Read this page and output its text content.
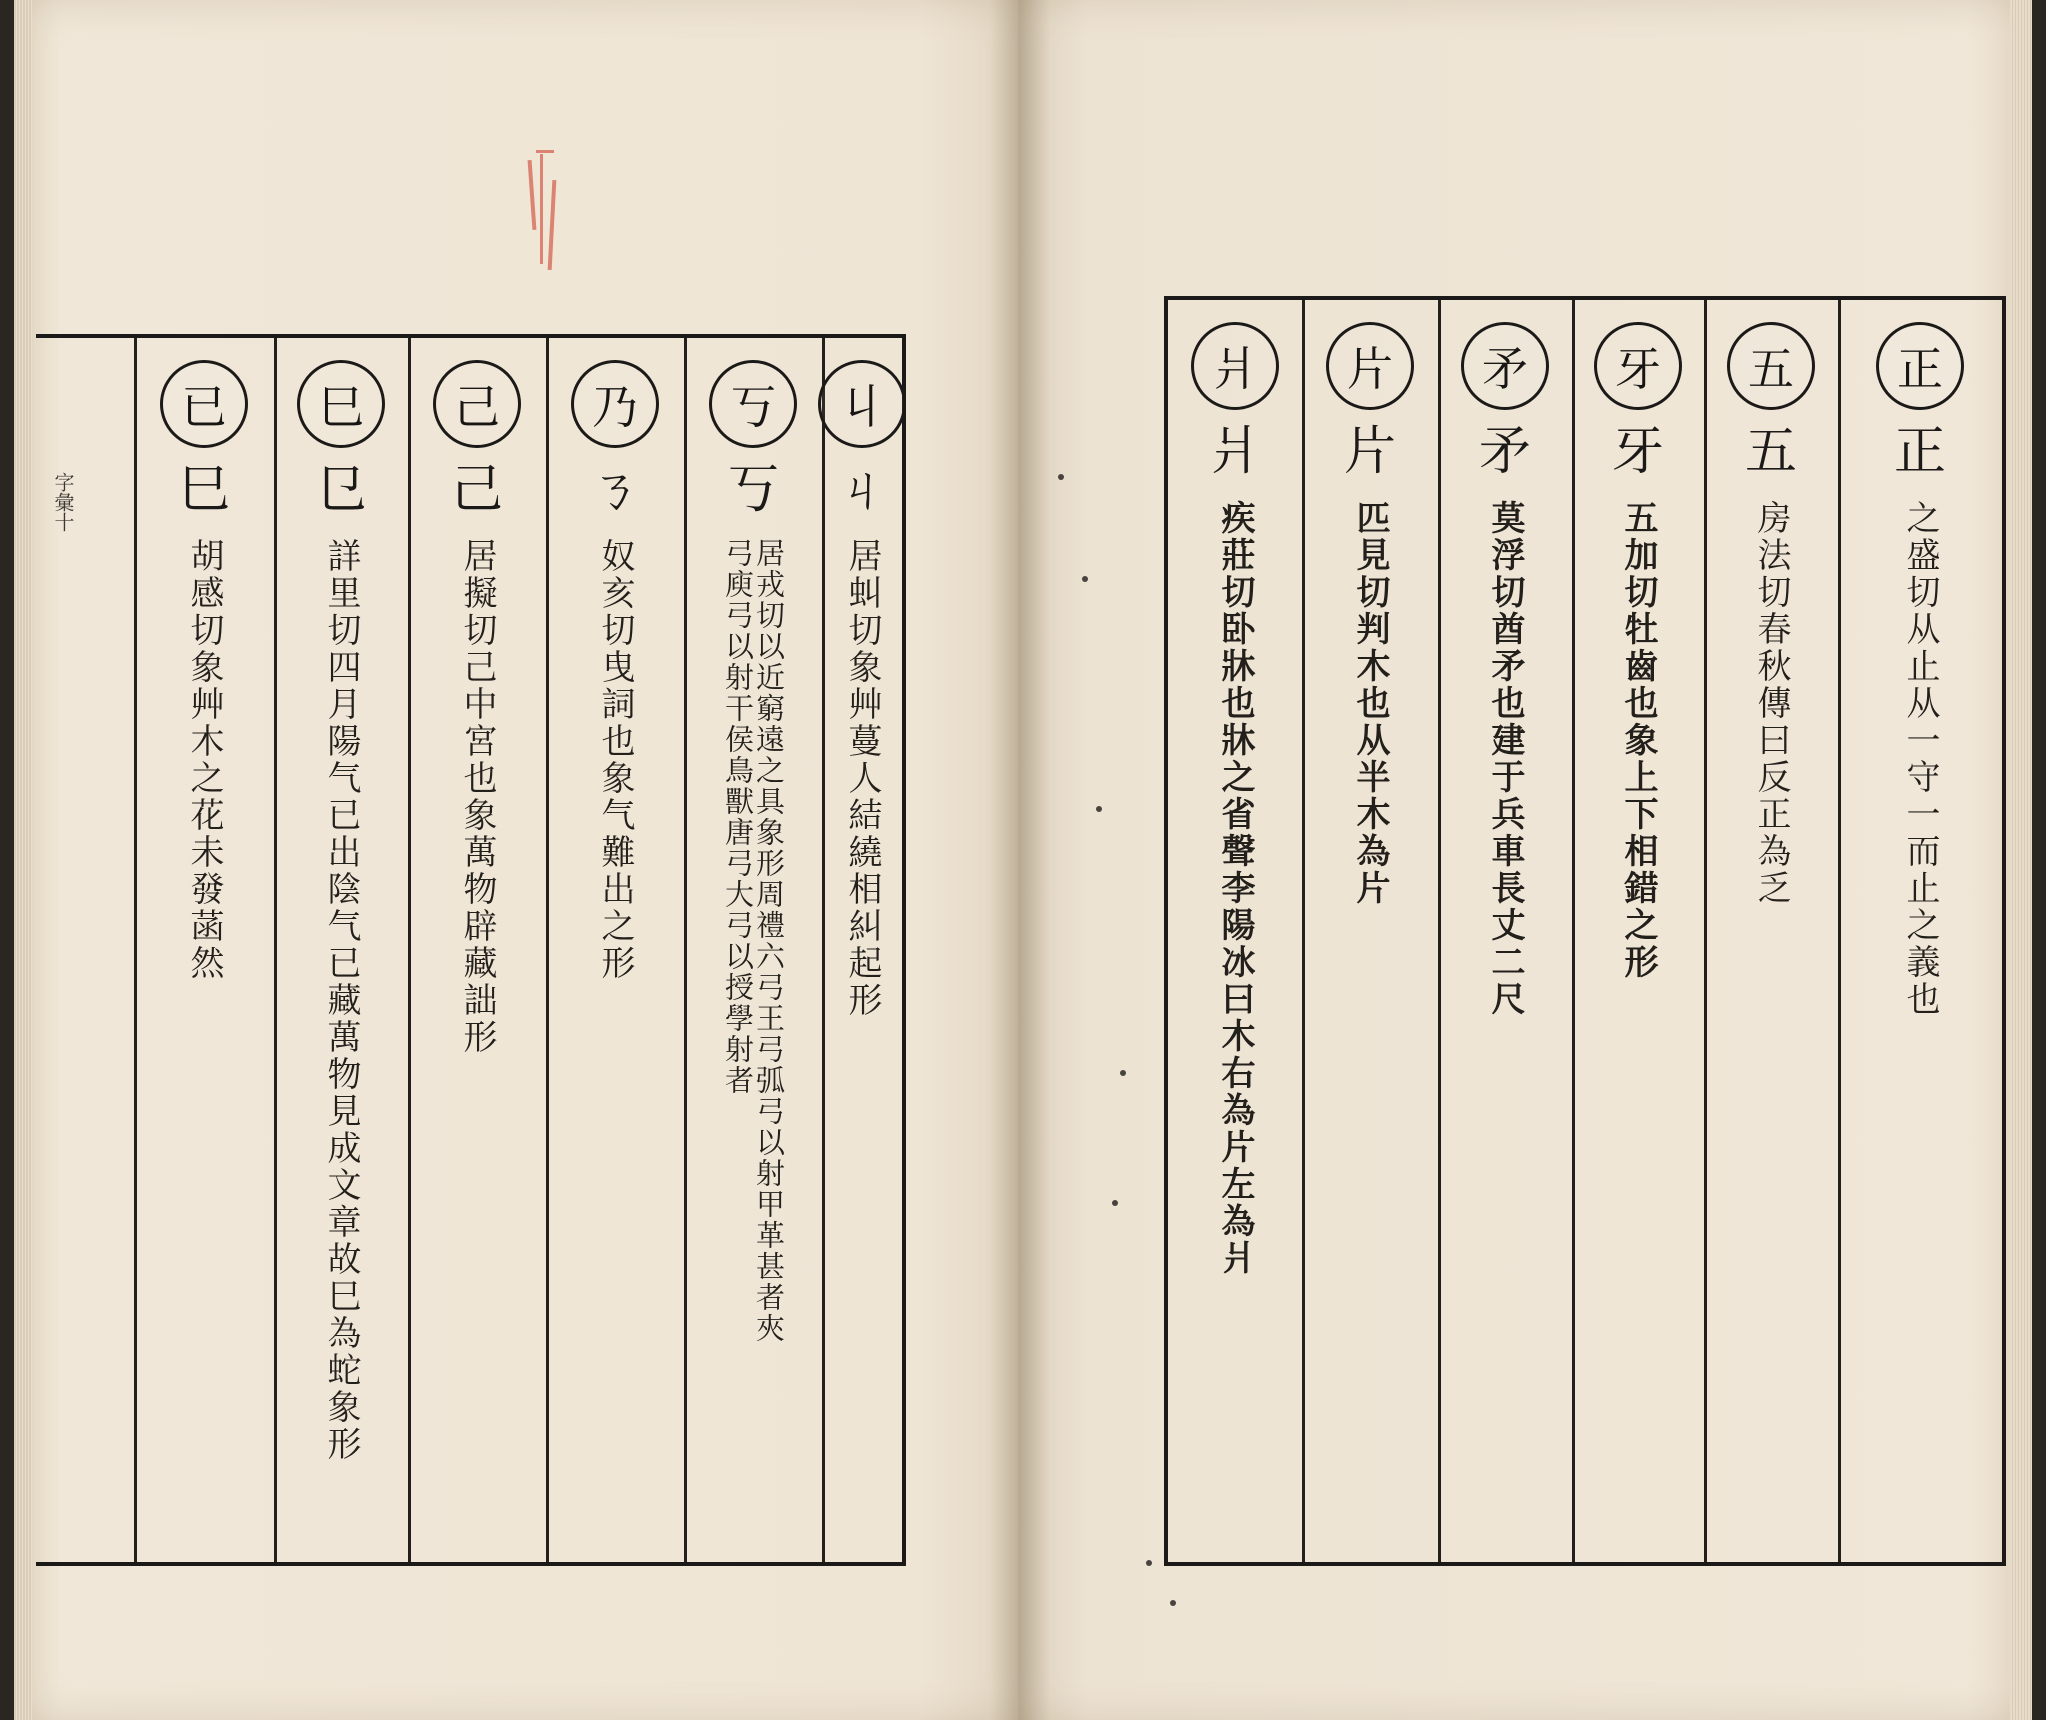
字彙十
丩
ㄐ
居虯切象艸蔓人結繞相糾起形
丂
丂
居戎切以近窮遠之具象形周禮六弓王弓弧弓以射甲革甚者夾弓庾弓以射干侯鳥獸唐弓大弓以授學射者
乃
ㄋ
奴亥切曳詞也象气難出之形
己
己
居擬切己中宮也象萬物辟藏詘形
巳
㔾
詳里切四月陽气已出陰气已藏萬物見成文章故巳為蛇象形
已
巳
胡感切象艸木之花未發菡然
正
正
之盛切从止从一守一而止之義也
五
五
房法切春秋傳曰反正為乏
牙
牙
五加切牡齒也象上下相錯之形
矛
矛
莫浮切酋矛也建于兵車長丈二尺
片
片
匹見切判木也从半木為片
爿
爿
疾莊切卧牀也牀之省聲李陽冰曰木右為片左為爿
